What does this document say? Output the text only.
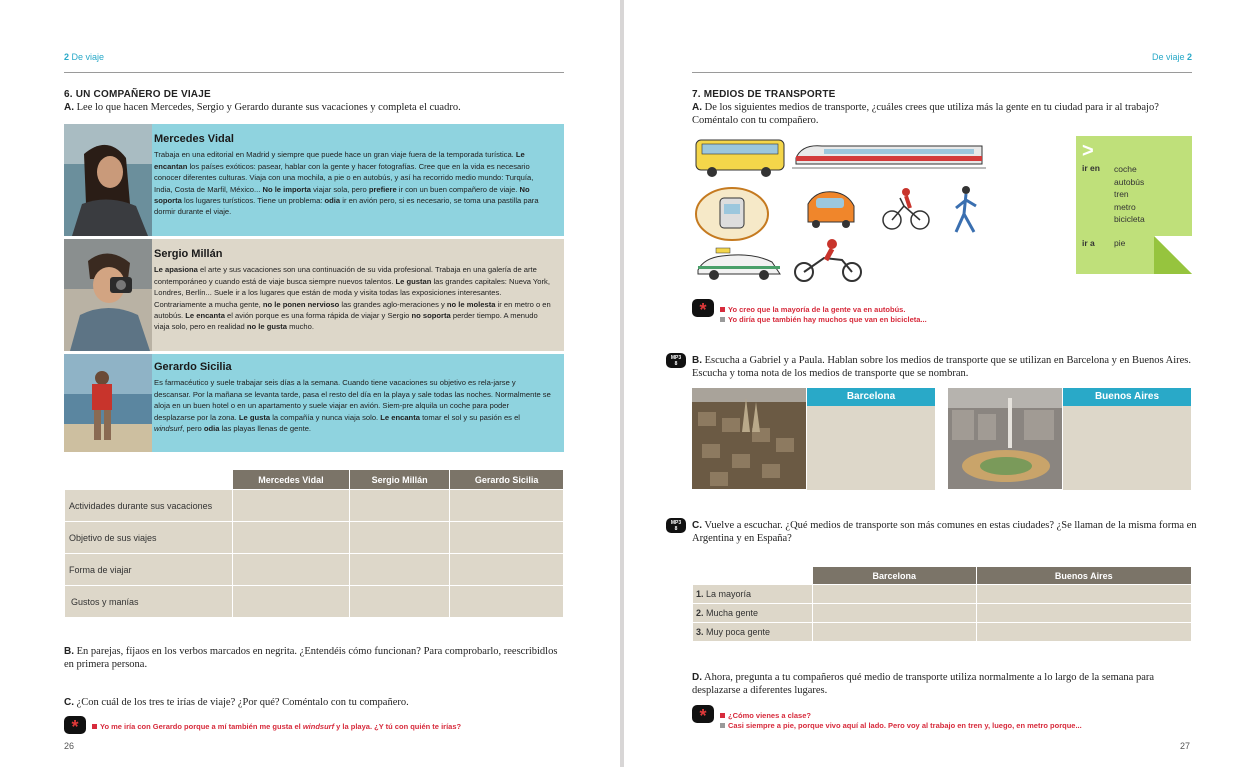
2 De viaje
6. UN COMPAÑERO DE VIAJE
A. Lee lo que hacen Mercedes, Sergio y Gerardo durante sus vacaciones y completa el cuadro.
Mercedes Vidal
Trabaja en una editorial en Madrid y siempre que puede hace un gran viaje fuera de la temporada turística. Le encantan los países exóticos: pasear, hablar con la gente y hacer fotografías. Cree que en la vida es necesario conocer diferentes culturas. Viaja con una mochila, a pie o en autobús, y así ha recorrido medio mundo: Turquía, India, Costa de Marfil, México... No le importa viajar sola, pero prefiere ir con un buen compañero de viaje. No soporta los lugares turísticos. Tiene un problema: odia ir en avión pero, si es necesario, se toma una pastilla para dormir durante el viaje.
Sergio Millán
Le apasiona el arte y sus vacaciones son una continuación de su vida profesional. Trabaja en una galería de arte contemporáneo y cuando está de viaje busca siempre nuevos talentos. Le gustan las grandes capitales: Nueva York, Londres, Berlín... Suele ir a los lugares que están de moda y visita todas las exposiciones interesantes. Contrariamente a mucha gente, no le ponen nervioso las grandes aglo-meraciones y no le molesta ir en metro o en autobús. Le encanta el avión porque es una forma rápida de viajar y Sergio no soporta perder tiempo. A menudo viaja solo, pero en realidad no le gusta mucho.
Gerardo Sicilia
Es farmacéutico y suele trabajar seis días a la semana. Cuando tiene vacaciones su objetivo es rela-jarse y descansar. Por la mañana se levanta tarde, pasa el resto del día en la playa y sale todas las noches. Normalmente se aloja en un buen hotel o en un apartamento y suele viajar en avión. Siem-pre alquila un coche para poder desplazarse por la zona. Le gusta la compañía y nunca viaja solo. Le encanta tomar el sol y su pasión es el windsurf, pero odia las playas llenas de gente.
	Mercedes Vidal	Sergio Millán	Gerardo Sicilia
Actividades durante sus vacaciones			
Objetivo de sus viajes			
Forma de viajar			
Gustos y manías			
B. En parejas, fíjaos en los verbos marcados en negrita. ¿Entendéis cómo funcionan? Para comprobarlo, reescribidlos en primera persona.
C. ¿Con cuál de los tres te irías de viaje? ¿Por qué? Coméntalo con tu compañero.
*	Yo me iría con Gerardo porque a mí también me gusta el windsurf y la playa. ¿Y tú con quién te irías?
26
De viaje 2
7. MEDIOS DE TRANSPORTE
A. De los siguientes medios de transporte, ¿cuáles crees que utiliza más la gente en tu ciudad para ir al trabajo? Coméntalo con tu compañero.
>
ir en coche
autobús
tren
metro
bicicleta
ir a pie
*	Yo creo que la mayoría de la gente va en autobús.
Yo diría que también hay muchos que van en bicicleta...
MP3
8	B. Escucha a Gabriel y a Paula. Hablan sobre los medios de transporte que se utilizan en Barcelona y en Buenos Aires. Escucha y toma nota de los medios de transporte que se nombran.
Barcelona	Buenos Aires
MP3
8	C. Vuelve a escuchar. ¿Qué medios de transporte son más comunes en estas ciudades? ¿Se llaman de la misma forma en Argentina y en España?
	Barcelona	Buenos Aires
1. La mayoría		
2. Mucha gente		
3. Muy poca gente		
D. Ahora, pregunta a tu compañeros qué medio de transporte utiliza normalmente a lo largo de la semana para desplazarse a diferentes lugares.
*	¿Cómo vienes a clase?
Casi siempre a pie, porque vivo aquí al lado. Pero voy al trabajo en tren y, luego, en metro porque...
27
